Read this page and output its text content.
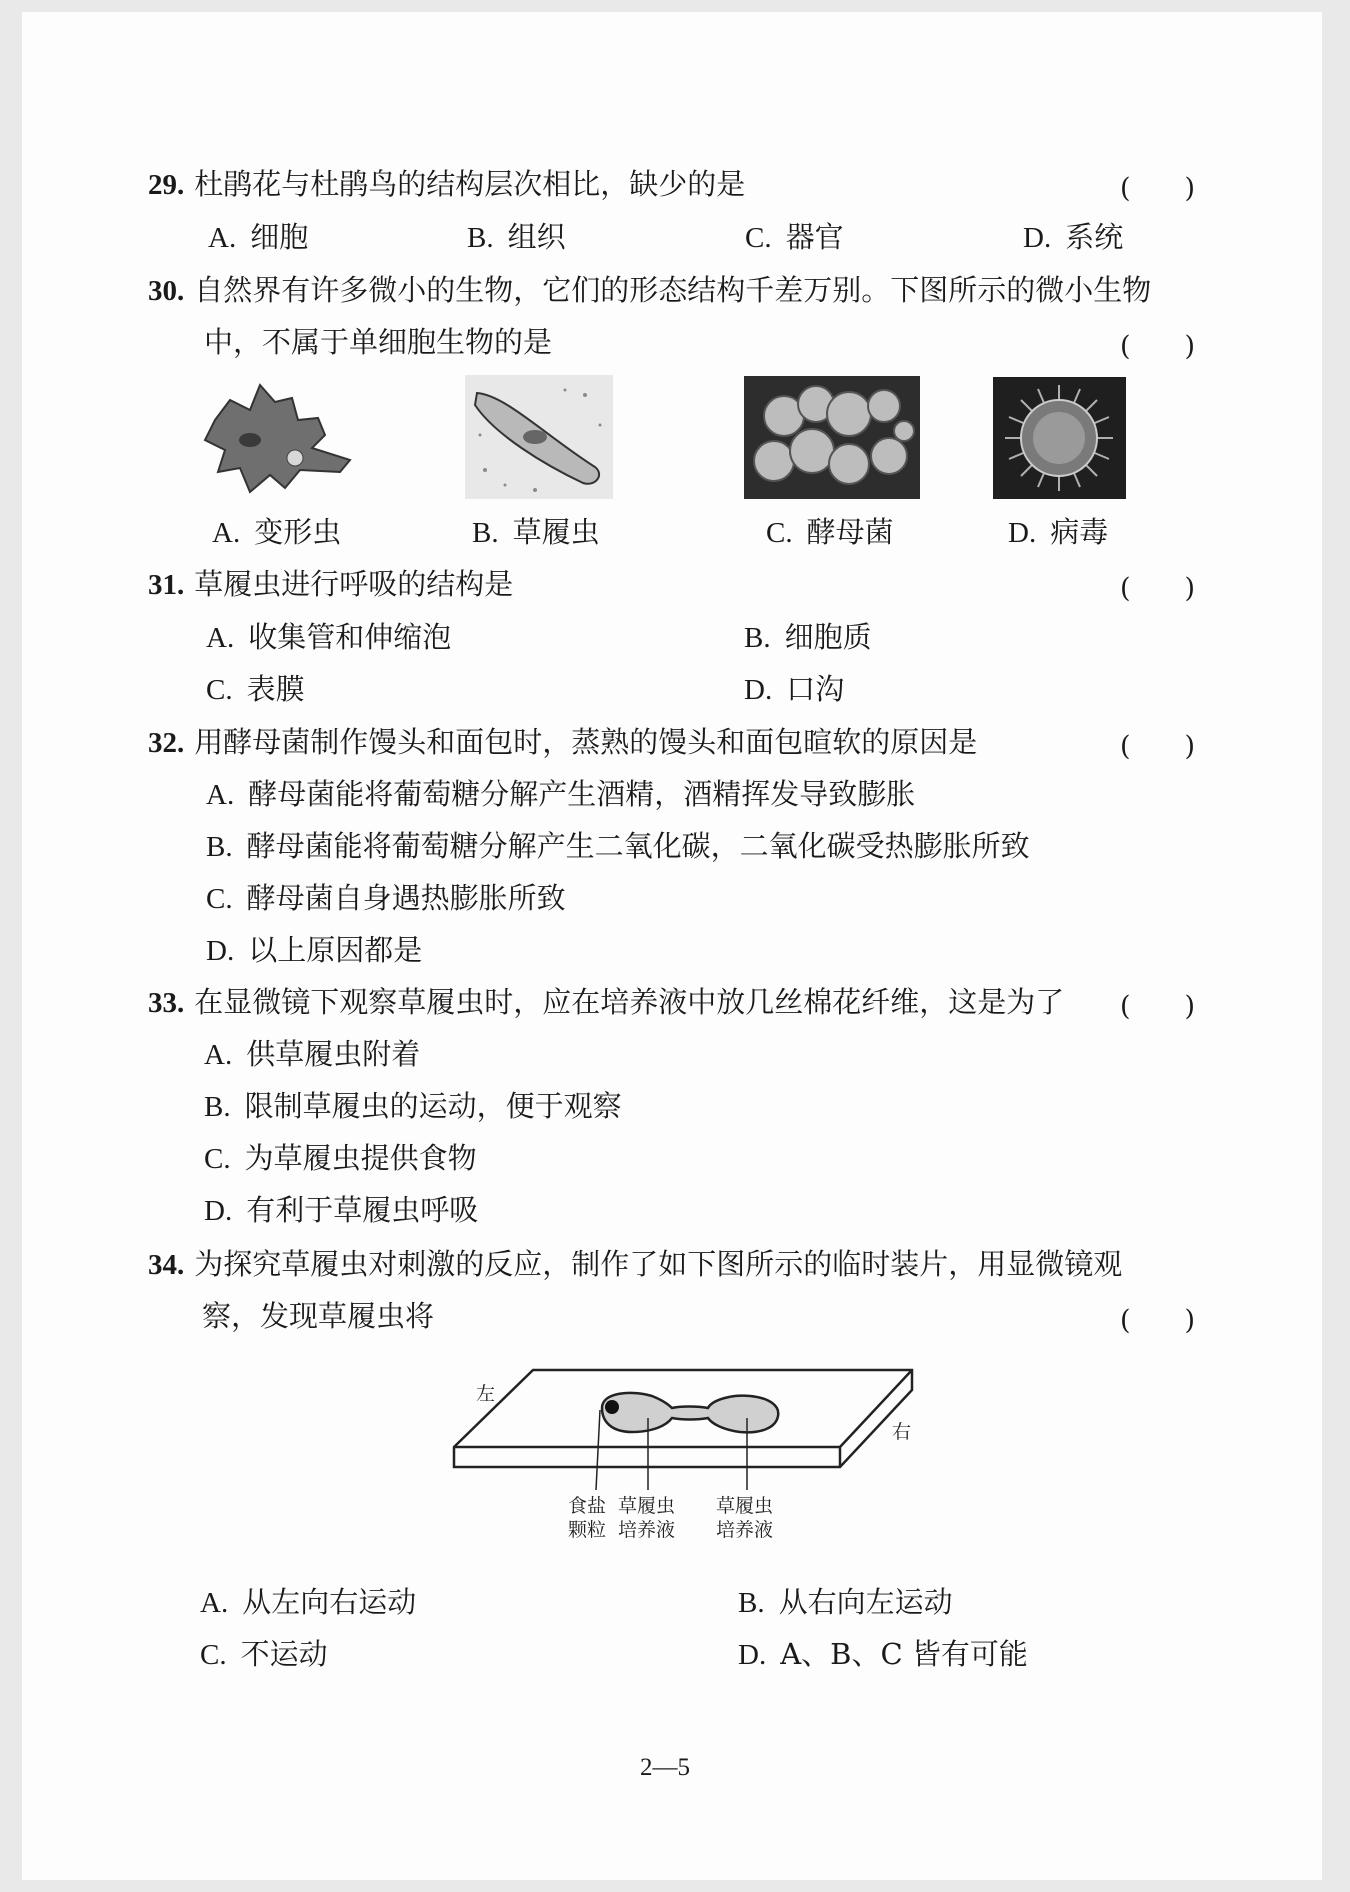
29. 杜鹃花与杜鹃鸟的结构层次相比，缺少的是	(　　)
A. 细胞	B. 组织	C. 器官	D. 系统
30. 自然界有许多微小的生物，它们的形态结构千差万别。下图所示的微小生物
中，不属于单细胞生物的是	(　　)
A. 变形虫	B. 草履虫	C. 酵母菌	D. 病毒
31. 草履虫进行呼吸的结构是	(　　)
A. 收集管和伸缩泡	B. 细胞质
C. 表膜	D. 口沟
32. 用酵母菌制作馒头和面包时，蒸熟的馒头和面包暄软的原因是	(　　)
A. 酵母菌能将葡萄糖分解产生酒精，酒精挥发导致膨胀
B. 酵母菌能将葡萄糖分解产生二氧化碳，二氧化碳受热膨胀所致
C. 酵母菌自身遇热膨胀所致
D. 以上原因都是
33. 在显微镜下观察草履虫时，应在培养液中放几丝棉花纤维，这是为了 (　　)
A. 供草履虫附着
B. 限制草履虫的运动，便于观察
C. 为草履虫提供食物
D. 有利于草履虫呼吸
34. 为探究草履虫对刺激的反应，制作了如下图所示的临时装片，用显微镜观
察，发现草履虫将	(　　)
左
右
食盐
颗粒
草履虫
培养液
草履虫
培养液
A. 从左向右运动	B. 从右向左运动
C. 不运动	D. A、B、C 皆有可能
2—5
